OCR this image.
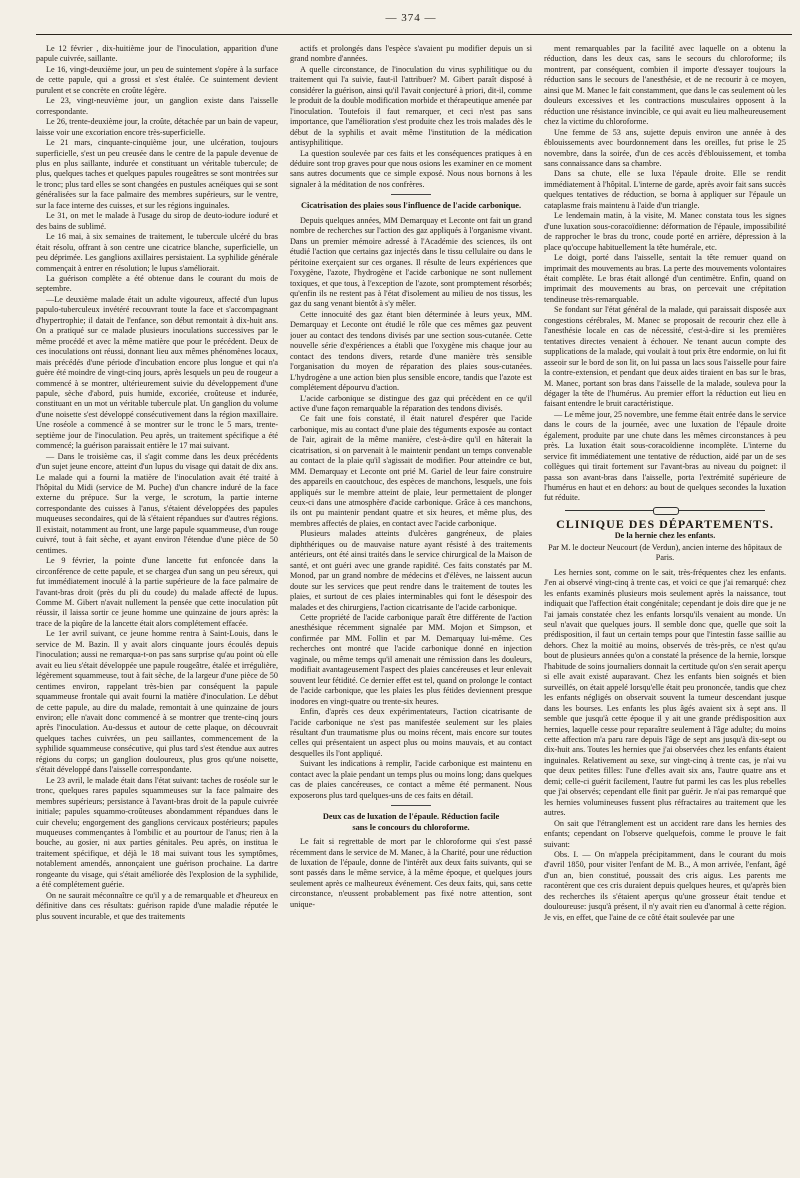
— 374 —

Le 12 février , dix-huitième jour de l'inoculation, apparition d'une papule cuivrée, saillante.

Le 16, vingt-deuxième jour, un peu de suintement s'opère à la surface de cette papule, qui a grossi et s'est étalée. Ce suintement devient purulent et se concrète en croûte légère.

Le 23, vingt-neuvième jour, un ganglion existe dans l'aisselle correspondante.

Le 26, trente-deuxième jour, la croûte, détachée par un bain de vapeur, laisse voir une excoriation encore très-superficielle.

Le 21 mars, cinquante-cinquième jour, une ulcération, toujours superficielle, s'est un peu creusée dans le centre de la papule devenue de plus en plus saillante, indurée et constituant un véritable tubercule; de plus, quelques taches et quelques papules rougeâtres se sont montrées sur le tronc; plus tard elles se sont changées en pustules acnéiques qui se sont généralisées sur la face palmaire des membres supérieurs, sur le ventre, sur la face interne des cuisses, et sur les régions inguinales.

Le 31, on met le malade à l'usage du sirop de deuto-iodure ioduré et des bains de sublimé.

Le 16 mai, à six semaines de traitement, le tubercule ulcéré du bras était résolu, offrant à son centre une cicatrice blanche, superficielle, un peu déprimée. Les ganglions axillaires persistaient. La syphilide générale commençait à entrer en résolution; le lupus s'améliorait.

La guérison complète a été obtenue dans le courant du mois de septembre.

—Le deuxième malade était un adulte vigoureux, affecté d'un lupus papulo-tuberculeux invétéré recouvrant toute la face et s'accompagnant d'hypertrophie; il datait de l'enfance, son début remontait à dix-huit ans. On a pratiqué sur ce malade plusieurs inoculations successives par le même procédé et avec la même matière que pour le précédent. Deux de ces inoculations ont réussi, donnant lieu aux mêmes phénomènes locaux, mais précédés d'une période d'incubation encore plus longue et qui n'a guère été moindre de vingt-cinq jours, après lesquels un peu de rougeur a commencé à se montrer, ultérieurement suivie du développement d'une papule, sèche d'abord, puis humide, excoriée, croûteuse et indurée, constituant en un mot un véritable tubercule plat. Un ganglion du volume d'une noisette s'est développé consécutivement dans la région maxillaire. Une roséole a commencé à se montrer sur le tronc le 5 mars, trente-septième jour de l'inoculation. Peu après, un traitement spécifique a été commencé; la guérison paraissait entière le 17 mai suivant.

— Dans le troisième cas, il s'agit comme dans les deux précédents d'un sujet jeune encore, atteint d'un lupus du visage qui datait de dix ans. Le malade qui a fourni la matière de l'inoculation avait été traité à l'hôpital du Midi (service de M. Puche) d'un chancre induré de la face externe du prépuce. Sur la verge, le scrotum, la partie interne correspondante des cuisses à l'anus, s'étaient développées des papules muqueuses secondaires, qui de là s'étaient répandues sur d'autres régions. Il existait, notamment au front, une large papule squammeuse, d'un rouge cuivré, tout à fait sèche, et ayant environ l'étendue d'une pièce de 50 centimes.

Le 9 février, la pointe d'une lancette fut enfoncée dans la circonférence de cette papule, et se chargea d'un sang un peu séreux, qui fut immédiatement inoculé à la partie supérieure de la face palmaire de l'avant-bras droit (près du pli du coude) du malade affecté de lupus. Comme M. Gibert n'avait nullement la pensée que cette inoculation pût réussir, il laissa sortir ce jeune homme une quinzaine de jours après: la trace de la piqûre de la lancette était alors complétement effacée.

Le 1er avril suivant, ce jeune homme rentra à Saint-Louis, dans le service de M. Bazin. Il y avait alors cinquante jours écoulés depuis l'inoculation; aussi ne remarqua-t-on pas sans surprise qu'au point où elle avait eu lieu s'était développée une papule rougeâtre, étalée et irrégulière, légèrement squammeuse, tout à fait sèche, de la largeur d'une pièce de 50 centimes environ, rappelant très-bien par conséquent la papule squammeuse frontale qui avait fourni la matière d'inoculation. Le début de cette papule, au dire du malade, remontait à une quinzaine de jours environ; elle n'avait donc commencé à se montrer que trente-cinq jours après l'inoculation. Au-dessus et autour de cette plaque, on découvrait quelques taches cuivrées, un peu saillantes, commencement de la syphilide squammeuse consécutive, qui plus tard s'est étendue aux autres régions du corps; un ganglion douloureux, plus gros qu'une noisette, s'était développé dans l'aisselle correspondante.

Le 23 avril, le malade était dans l'état suivant: taches de roséole sur le tronc, quelques rares papules squammeuses sur la face palmaire des membres supérieurs; persistance à l'avant-bras droit de la papule cuivrée initiale; papules squammo-croûteuses abondamment répandues dans le cuir chevelu; engorgement des ganglions cervicaux postérieurs; papules muqueuses commençantes à l'ombilic et au pourtour de l'anus; rien à la bouche, au gosier, ni aux parties génitales. Peu après, on institua le traitement spécifique, et déjà le 18 mai suivant tous les symptômes, notablement amendés, annonçaient une guérison prochaine. La dartre rongeante du visage, qui s'était améliorée dès l'explosion de la syphilide, a été complétement guérie.

On ne saurait méconnaître ce qu'il y a de remarquable et d'heureux en définitive dans ces résultats: guérison rapide d'une maladie réputée le plus souvent incurable, et que des traitements

actifs et prolongés dans l'espèce s'avaient pu modifier depuis un si grand nombre d'années.

A quelle circonstance, de l'inoculation du virus syphilitique ou du traitement qui l'a suivie, faut-il l'attribuer? M. Gibert paraît disposé à considérer la guérison, ainsi qu'il l'avait conjecturé à priori, dit-il, comme le produit de la double modification morbide et thérapeutique amenée par l'inoculation. Toutefois il faut remarquer, et ceci n'est pas sans importance, que l'amélioration s'est produite chez les trois malades dès le début de la syphilis et avait même l'institution de la médication antisyphilitique.

La question soulevée par ces faits et les conséquences pratiques à en déduire sont trop graves pour que nous osions les examiner en ce moment sans autres documents que ce simple exposé. Nous nous bornons à les signaler à la méditation de nos confrères.

Cicatrisation des plaies sous l'influence de l'acide carbonique.

Depuis quelques années, MM Demarquay et Leconte ont fait un grand nombre de recherches sur l'action des gaz appliqués à l'organisme vivant. Dans un premier mémoire adressé à l'Académie des sciences, ils ont étudié l'action que certains gaz injectés dans le tissu cellulaire ou dans le péritoine exerçaient sur ces organes. Il résulte de leurs expériences que l'oxygène, l'azote, l'hydrogène et l'acide carbonique ne sont nullement toxiques, et que tous, à l'exception de l'azote, sont promptement résorbés; qu'enfin ils ne restent pas à l'état d'isolement au milieu de nos tissus, les gaz du sang venant bientôt à s'y mêler.

Cette innocuité des gaz étant bien déterminée à leurs yeux, MM. Demarquay et Leconte ont étudié le rôle que ces mêmes gaz peuvent jouer au contact des tendons divisés par une section sous-cutanée. Cette nouvelle série d'expériences a établi que l'oxygène mis chaque jour au contact des tendons divers, retarde d'une manière très sensible l'organisation du moyen de réparation des plaies sous-cutanées. L'hydrogène a une action bien plus sensible encore, tandis que l'azote est complétement dépourvu d'action.

L'acide carbonique se distingue des gaz qui précèdent en ce qu'il active d'une façon remarquable la réparation des tendons divisés.

Ce fait une fois constaté, il était naturel d'espérer que l'acide carbonique, mis au contact d'une plaie des téguments exposée au contact de l'air, agirait de la même manière, c'est-à-dire qu'il en hâterait la cicatrisation, si on parvenait à le maintenir pendant un temps convenable au contact de la plaie qu'il s'agissait de modifier. Pour atteindre ce but, MM. Demarquay et Leconte ont prié M. Gariel de leur faire construire des appareils en caoutchouc, des espèces de manchons, lesquels, une fois appliqués sur le membre atteint de plaie, leur permettaient de plonger ceux-ci dans une atmosphère d'acide carbonique. Grâce à ces manchons, ils ont pu maintenir pendant quatre et six heures, et même plus, des membres affectés de plaies, en contact avec l'acide carbonique.

Plusieurs malades atteints d'ulcères gangréneux, de plaies diphthériques ou de mauvaise nature ayant résisté à des traitements antérieurs, ont été ainsi traités dans le service chirurgical de la Maison de santé, et ont guéri avec une grande rapidité. Ces faits constatés par M. Monod, par un grand nombre de médecins et d'élèves, ne laissent aucun doute sur les services que peut rendre dans le traitement de toutes les plaies, et surtout de ces plaies interminables qui font le désespoir des malades et des chirurgiens, l'action cicatrisante de l'acide carbonique.

Cette propriété de l'acide carbonique paraît être différente de l'action anesthésique récemment signalée par MM. Mojon et Simpson, et confirmée par MM. Follin et par M. Demarquay lui-même. Ces recherches ont montré que l'acide carbonique donné en injection vaginale, ou même temps qu'il amenait une rémission dans les douleurs, modifiait avantageusement l'aspect des plaies cancéreuses et leur enlevait souvent leur fétidité. Ce dernier effet est tel, quand on prolonge le contact de l'acide carbonique, que les plaies les plus fétides deviennent presque inodores en vingt-quatre ou trente-six heures.

Enfin, d'après ces deux expérimentateurs, l'action cicatrisante de l'acide carbonique ne s'est pas manifestée seulement sur les plaies résultant d'un traumatisme plus ou moins récent, mais encore sur toutes celles qui présentaient un aspect plus ou moins mauvais, et au contact desquelles ils l'ont appliqué.

Suivant les indications à remplir, l'acide carbonique est maintenu en contact avec la plaie pendant un temps plus ou moins long; dans quelques cas de plaies cancéreuses, ce contact a même été permanent. Nous exposerons plus tard quelques-uns de ces faits en détail.

Deux cas de luxation de l'épaule. Réduction facile
sans le concours du chloroforme.

Le fait si regrettable de mort par le chloroforme qui s'est passé récemment dans le service de M. Manec, à la Charité, pour une réduction de luxation de l'épaule, donne de l'intérêt aux deux faits suivants, qui se sont passés dans le même service, à la même époque, et quelques jours seulement après ce malheureux événement. Ces deux faits, qui, sans cette circonstance, n'eussent probablement pas fixé notre attention, sont unique-

ment remarquables par la facilité avec laquelle on a obtenu la réduction, dans les deux cas, sans le secours du chloroforme; ils montrent, par conséquent, combien il importe d'essayer toujours la réduction sans le secours de l'anesthésie, et de ne recourir à ce moyen, ainsi que M. Manec le fait constamment, que dans le cas seulement où les douleurs excessives et les contractions musculaires opposent à la réduction une résistance invincible, ce qui avait eu lieu malheureusement chez la victime du chloroforme.

Une femme de 53 ans, sujette depuis environ une année à des éblouissements avec bourdonnement dans les oreilles, fut prise le 25 novembre, dans la soirée, d'un de ces accès d'éblouissement, et tomba sans connaissance dans sa chambre.

Dans sa chute, elle se luxa l'épaule droite. Elle se rendit immédiatement à l'hôpital. L'interne de garde, après avoir fait sans succès quelques tentatives de réduction, se borna à appliquer sur l'épaule un cataplasme frais maintenu à l'aide d'un triangle.

Le lendemain matin, à la visite, M. Manec constata tous les signes d'une luxation sous-coracoïdienne: déformation de l'épaule, impossibilité de rapprocher le bras du tronc, coude porté en arrière, dépression à la place qu'occupe habituellement la tête humérale, etc.

Le doigt, porté dans l'aisselle, sentait la tête remuer quand on imprimait des mouvements au bras. La perte des mouvements volontaires était complète. Le bras était allongé d'un centimètre. Enfin, quand on imprimait des mouvements au bras, on percevait une crépitation tendineuse très-remarquable.

Se fondant sur l'état général de la malade, qui paraissait disposée aux congestions cérébrales, M. Manec se proposait de recourir chez elle à l'anesthésie locale en cas de nécessité, c'est-à-dire si les premières tentatives directes venaient à échouer. Ne tenant aucun compte des supplications de la malade, qui voulait à tout prix être endormie, on lui fit asseoir sur le bord de son lit, on lui passa un lacs sous l'aisselle pour faire la contre-extension, et pendant que deux aides tiraient en bas sur le bras, M. Manec, portant son bras dans l'aisselle de la malade, souleva pour la dégager la tête de l'humérus. Au premier effort la réduction eut lieu en faisant entendre le bruit caractéristique.

— Le même jour, 25 novembre, une femme était entrée dans le service dans le cours de la journée, avec une luxation de l'épaule droite également, produite par une chute dans les mêmes circonstances à peu près. La luxation était sous-coracoïdienne incomplète. L'interne du service fit immédiatement une tentative de réduction, aidé par un de ses collègues qui tirait fortement sur l'avant-bras au niveau du poignet: il passa son avant-bras dans l'aisselle, porta l'extrémité supérieure de l'humérus en haut et en dehors: au bout de quelques secondes la luxation fut réduite.

CLINIQUE DES DÉPARTEMENTS.
De la hernie chez les enfants.
Par M. le docteur Neucourt (de Verdun), ancien interne des hôpitaux de Paris.

Les hernies sont, comme on le sait, très-fréquentes chez les enfants. J'en ai observé vingt-cinq à trente cas, et voici ce que j'ai remarqué: chez les enfants examinés plusieurs mois seulement après la naissance, tout indiquait que l'affection était congénitale; cependant je dois dire que je ne l'ai jamais constatée chez les enfants lorsqu'ils venaient au monde. Un seul n'avait que quelques jours. Il semble donc que, quelle que soit la prédisposition, il faut un certain temps pour que l'intestin fasse saillie au dehors. Chez la moitié au moins, observés de très-près, ce n'est qu'au bout de plusieurs années qu'on a constaté la présence de la hernie, lorsque l'habitude de soins journaliers donnait la certitude qu'on s'en serait aperçu si elle avait existé auparavant. Chez les enfants bien soignés et bien surveillés, on était appelé lorsqu'elle était peu prononcée, tandis que chez les enfants négligés on observait souvent la tumeur descendant jusque dans les bourses. Les enfants les plus âgés avaient six à sept ans. Il semble que jusqu'à cette époque il y ait une grande prédisposition aux hernies, laquelle cesse pour reparaître seulement à l'âge adulte; du moins cette affection m'a paru rare depuis l'âge de sept ans jusqu'à dix-sept ou dix-huit ans. Toutes les hernies que j'ai observées chez les enfants étaient inguinales. Relativement au sexe, sur vingt-cinq à trente cas, je n'ai vu que deux petites filles: l'une d'elles avait six ans, l'autre quatre ans et demi; celle-ci guérit facilement, l'autre fut parmi les cas les plus rebelles que j'ai observés; cependant elle finit par guérir. Je n'ai pas remarqué que les hernies volumineuses fussent plus réfractaires au traitement que les autres.

On sait que l'étranglement est un accident rare dans les hernies des enfants; cependant on l'observe quelquefois, comme le prouve le fait suivant:

Obs. I. — On m'appela précipitamment, dans le courant du mois d'avril 1850, pour visiter l'enfant de M. B.., A mon arrivée, l'enfant, âgé d'un an, bien constitué, poussait des cris aigus. Les parents me racontèrent que ces cris duraient depuis quelques heures, et qu'après bien des recherches ils s'étaient aperçus qu'une grosseur était tendue et douloureuse: jusqu'à présent, il n'y avait rien eu d'anormal à cette région. Je vis, en effet, que l'aine de ce côté était soulevée par une
